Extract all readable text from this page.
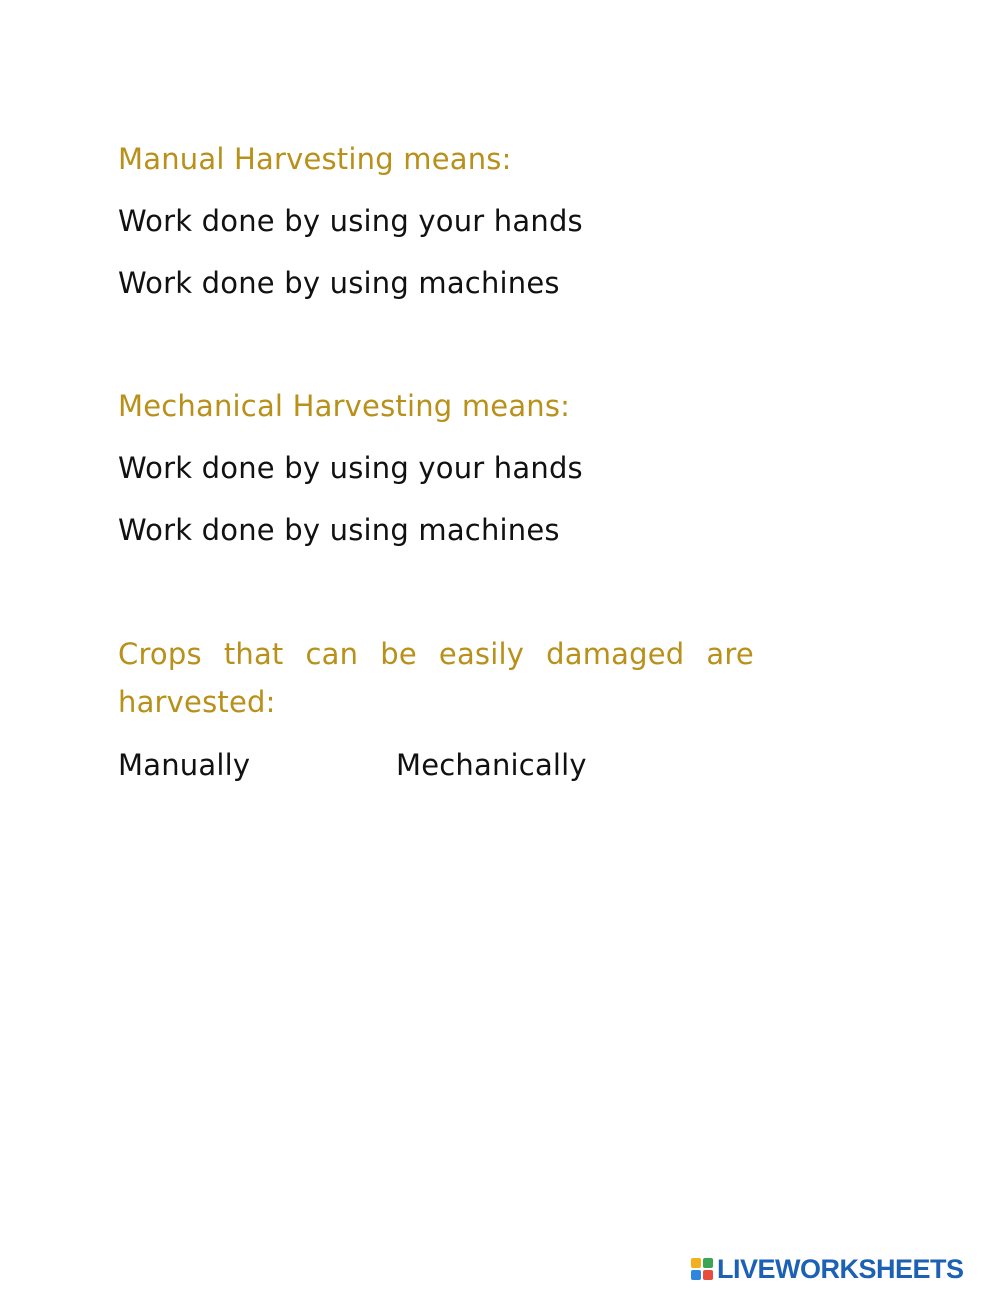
Manual Harvesting means:
Work done by using your hands
Work done by using machines
Mechanical Harvesting means:
Work done by using your hands
Work done by using machines
Crops that can be easily damaged are
harvested:
Manually	Mechanically
LIVEWORKSHEETS
